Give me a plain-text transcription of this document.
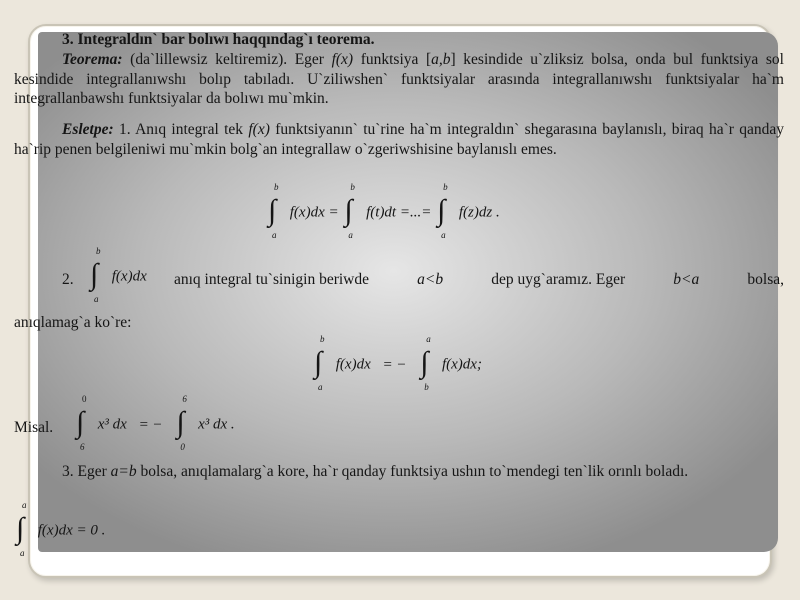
3. Integraldın` bar bolıwı haqqındag`ı teorema.
Teorema: (da`lillewsiz keltiremiz). Eger f(x) funktsiya [a,b] kesindide u`zliksiz bolsa, onda bul funktsiya sol kesindide integrallanıwshı bolıp tabıladı. U`ziliwshen` funktsiyalar arasında integrallanıwshı funktsiyalar ha`m integrallanbawshı funktsiyalar da bolıwı mu`mkin.
Esletpe: 1. Anıq integral tek f(x) funktsiyanın` tu`rine ha`m integraldın` shegarasına baylanıslı, biraq ha`r qanday ha`rip penen belgileniwi mu`mkin bolg`an integrallaw o`zgeriwshisine baylanıslı emes.
∫
b
a
f(x)dx = ∫
b
a
f(t)dt =...= ∫
b
a
f(z)dz .
2. ∫
b
a
f(x)dx anıq integral tu`sinigin beriwde	a<b	dep uyg`aramız. Eger	b<a	bolsa,
anıqlamag`a ko`re:
∫
b
a
f(x)dx = − ∫
a
b
f(x)dx;
Misal. ∫
0
6
x³ dx = − ∫
6
0
x³ dx .
3. Eger a=b bolsa, anıqlamalarg`a kore, ha`r qanday funktsiya ushın to`mendegi ten`lik orınlı boladı.
∫
a
a
f(x)dx = 0 .
